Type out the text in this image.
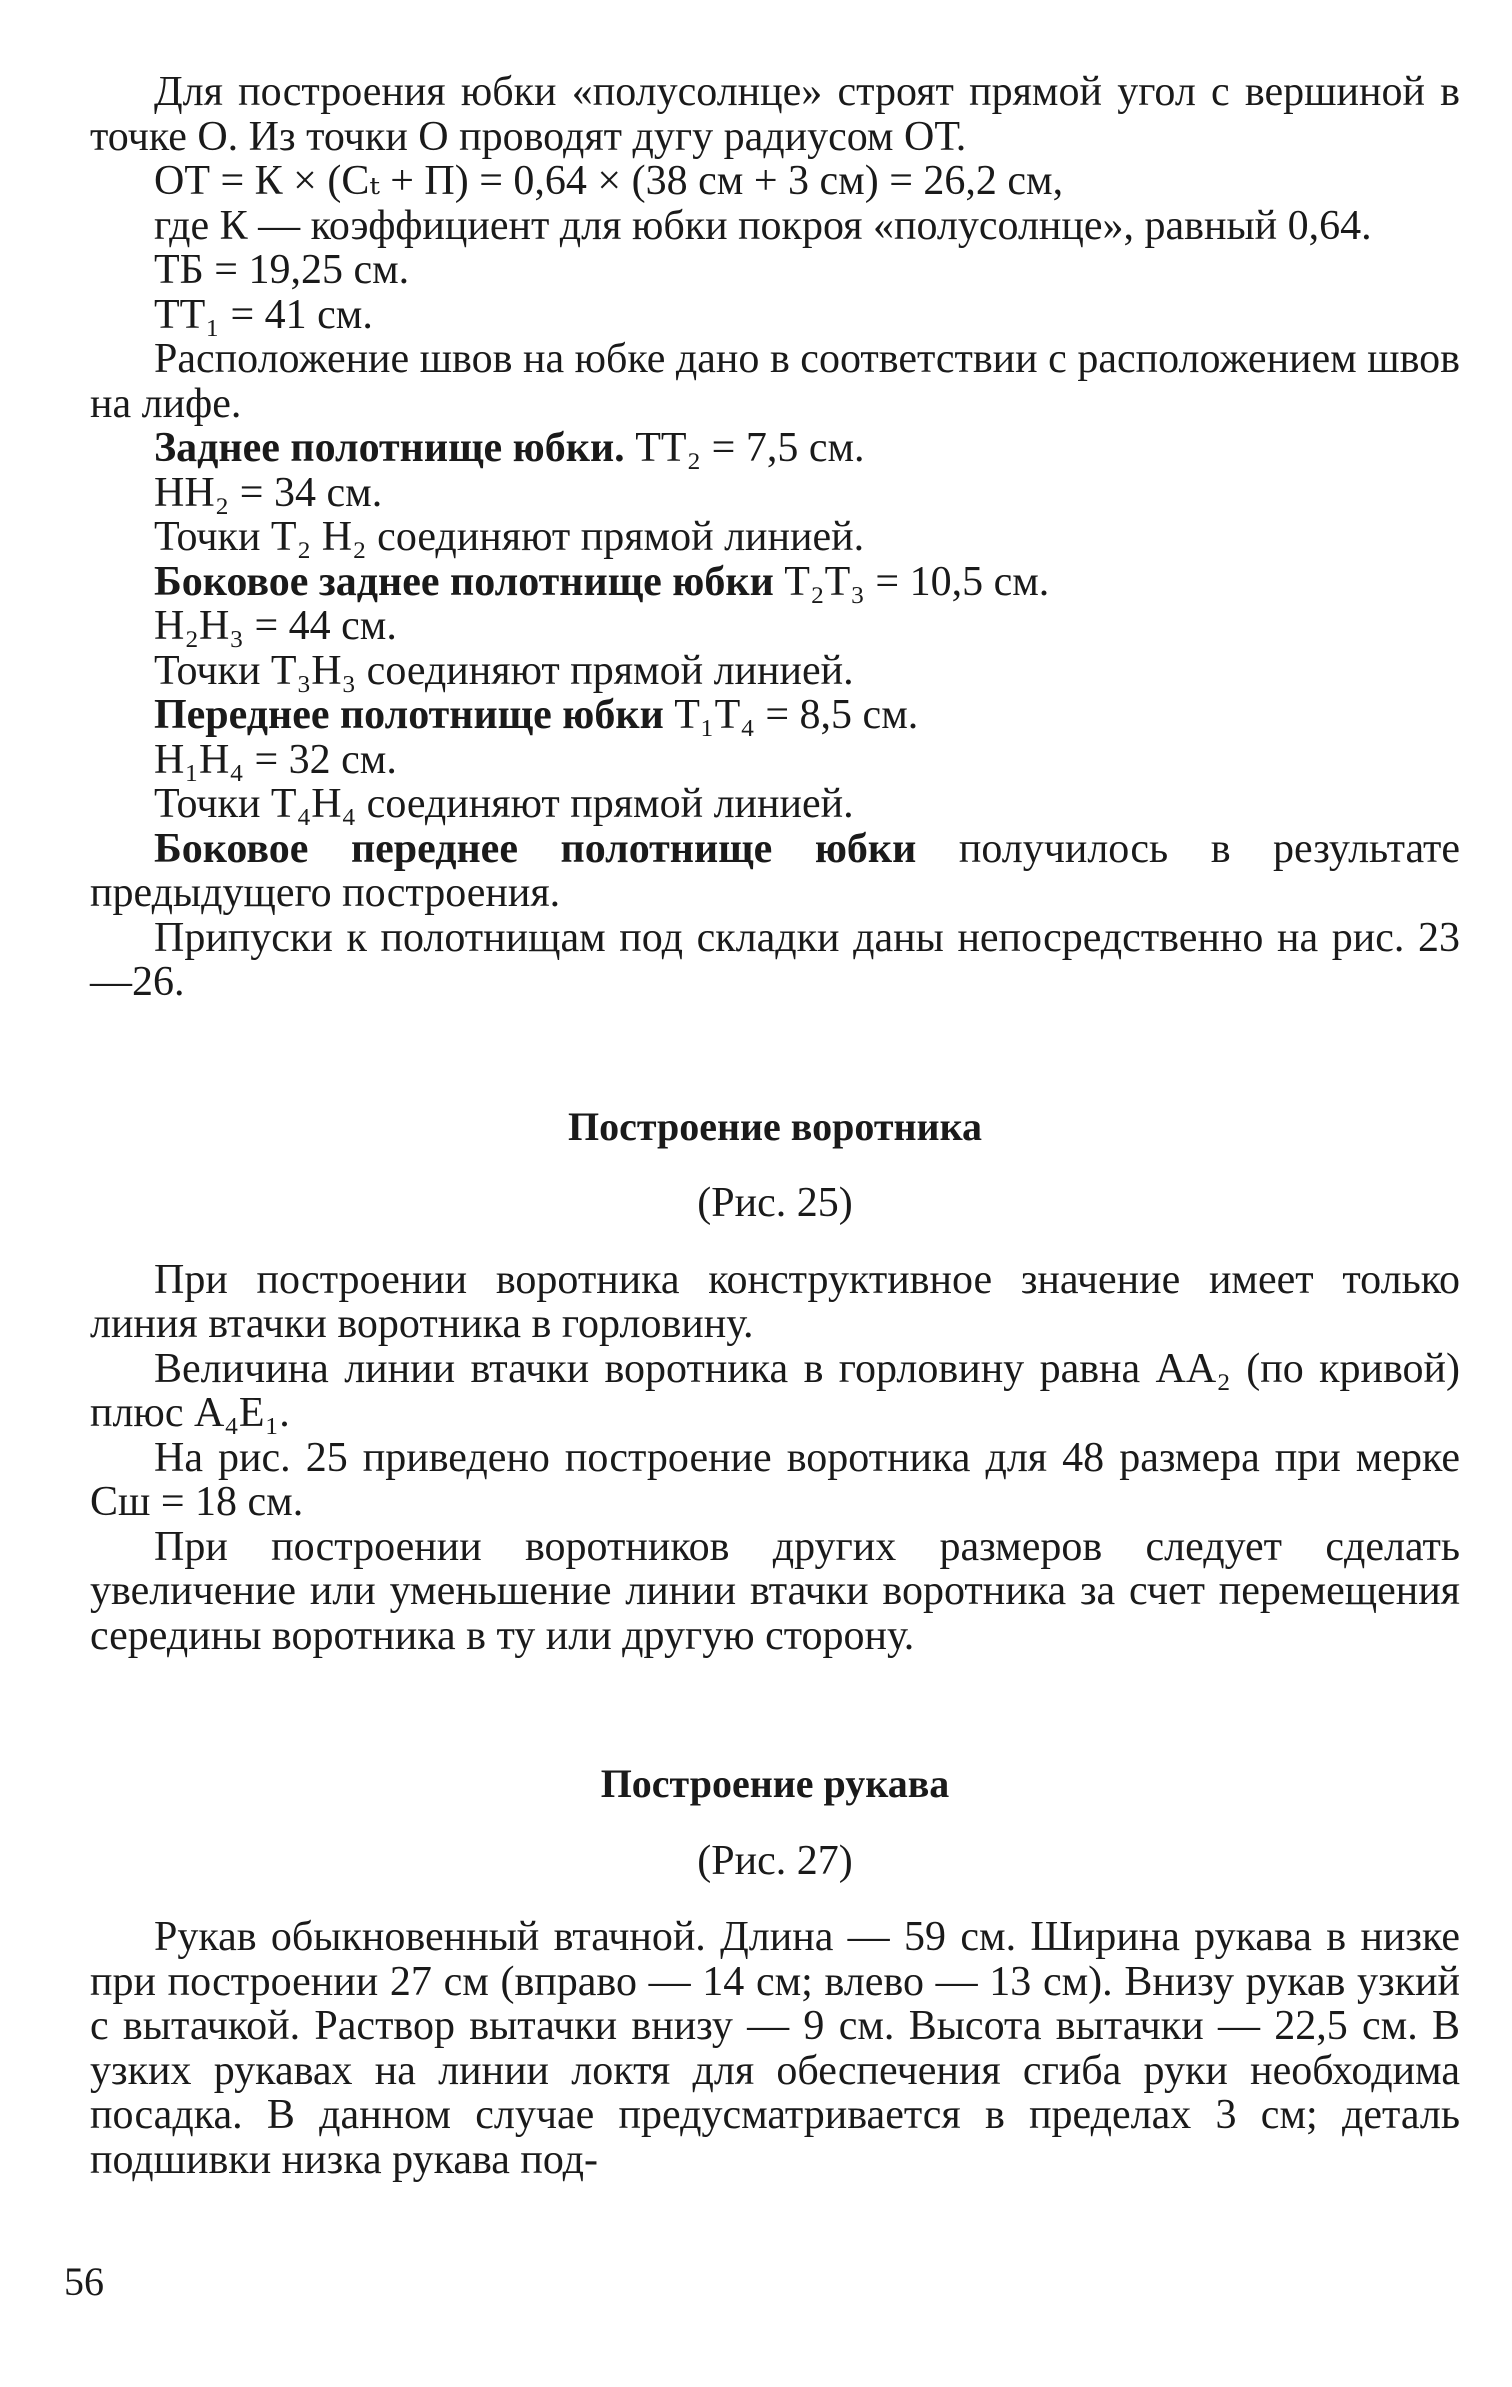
Для построения юбки «полусолнце» строят прямой угол с вершиной в точке О. Из точки О проводят дугу радиусом ОТ.

ОТ = К × (Сₜ + П) = 0,64 × (38 см + 3 см) = 26,2 см,

где К — коэффициент для юбки покроя «полусолнце», равный 0,64.

ТБ = 19,25 см.

ТТ₁ = 41 см.

Расположение швов на юбке дано в соответствии с расположением швов на лифе.

Заднее полотнище юбки. ТТ₂ = 7,5 см.

НН₂ = 34 см.

Точки Т₂ Н₂ соединяют прямой линией.

Боковое заднее полотнище юбки Т₂Т₃ = 10,5 см.

Н₂Н₃ = 44 см.

Точки Т₃Н₃ соединяют прямой линией.

Переднее полотнище юбки Т₁Т₄ = 8,5 см.

Н₁Н₄ = 32 см.

Точки Т₄Н₄ соединяют прямой линией.

Боковое переднее полотнище юбки получилось в результате предыдущего построения.

Припуски к полотнищам под складки даны непосредственно на рис. 23—26.

Построение воротника

(Рис. 25)

При построении воротника конструктивное значение имеет только линия втачки воротника в горловину.

Величина линии втачки воротника в горловину равна АА₂ (по кривой) плюс А₄Е₁.

На рис. 25 приведено построение воротника для 48 размера при мерке Сш = 18 см.

При построении воротников других размеров следует сделать увеличение или уменьшение линии втачки воротника за счет перемещения середины воротника в ту или другую сторону.

Построение рукава

(Рис. 27)

Рукав обыкновенный втачной. Длина — 59 см. Ширина рукава в низке при построении 27 см (вправо — 14 см; влево — 13 см). Внизу рукав узкий с вытачкой. Раствор вытачки внизу — 9 см. Высота вытачки — 22,5 см. В узких рукавах на линии локтя для обеспечения сгиба руки необходима посадка. В данном случае предусматривается в пределах 3 см; деталь подшивки низка рукава под-

56
